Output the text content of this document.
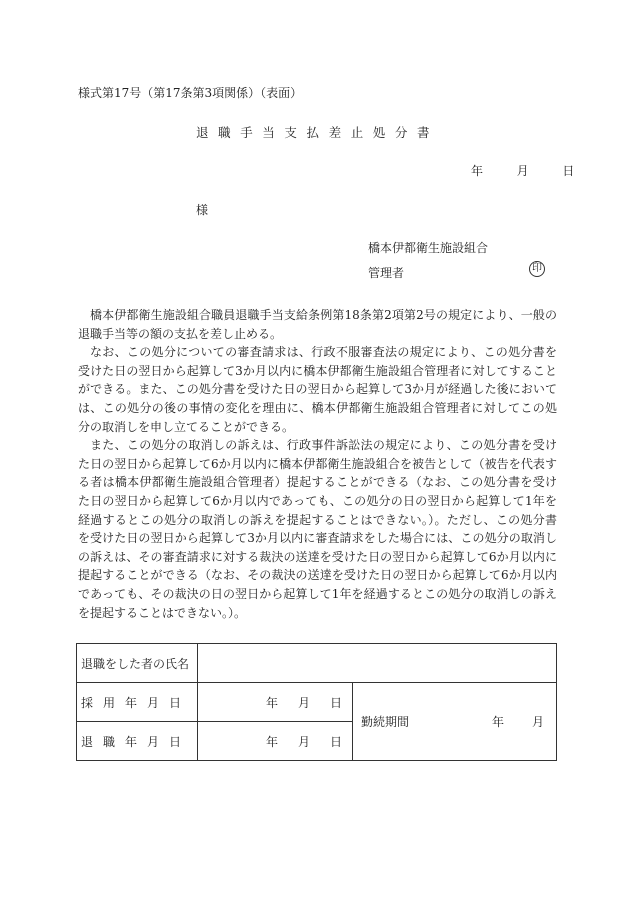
様式第17号（第17条第3項関係）（表面）
退職手当支払差止処分書
年	月	日
様
橋本伊都衛生施設組合
管理者	印

橋本伊都衛生施設組合職員退職手当支給条例第18条第2項第2号の規定により、一般の退職手当等の額の支払を差し止める。

なお、この処分についての審査請求は、行政不服審査法の規定により、この処分書を受けた日の翌日から起算して3か月以内に橋本伊都衛生施設組合管理者に対してすることができる。また、この処分書を受けた日の翌日から起算して3か月が経過した後においては、この処分の後の事情の変化を理由に、橋本伊都衛生施設組合管理者に対してこの処分の取消しを申し立てることができる。

また、この処分の取消しの訴えは、行政事件訴訟法の規定により、この処分書を受けた日の翌日から起算して6か月以内に橋本伊都衛生施設組合を被告として（被告を代表する者は橋本伊都衛生施設組合管理者）提起することができる（なお、この処分書を受けた日の翌日から起算して6か月以内であっても、この処分の日の翌日から起算して1年を経過するとこの処分の取消しの訴えを提起することはできない。）。ただし、この処分書を受けた日の翌日から起算して3か月以内に審査請求をした場合には、この処分の取消しの訴えは、その審査請求に対する裁決の送達を受けた日の翌日から起算して6か月以内に提起することができる（なお、その裁決の送達を受けた日の翌日から起算して6か月以内であっても、その裁決の日の翌日から起算して1年を経過するとこの処分の取消しの訴えを提起することはできない。）。

退職をした者の氏名		
採用年月日	年 月 日	勤続期間 年 月

退職年月日	年 月 日	
